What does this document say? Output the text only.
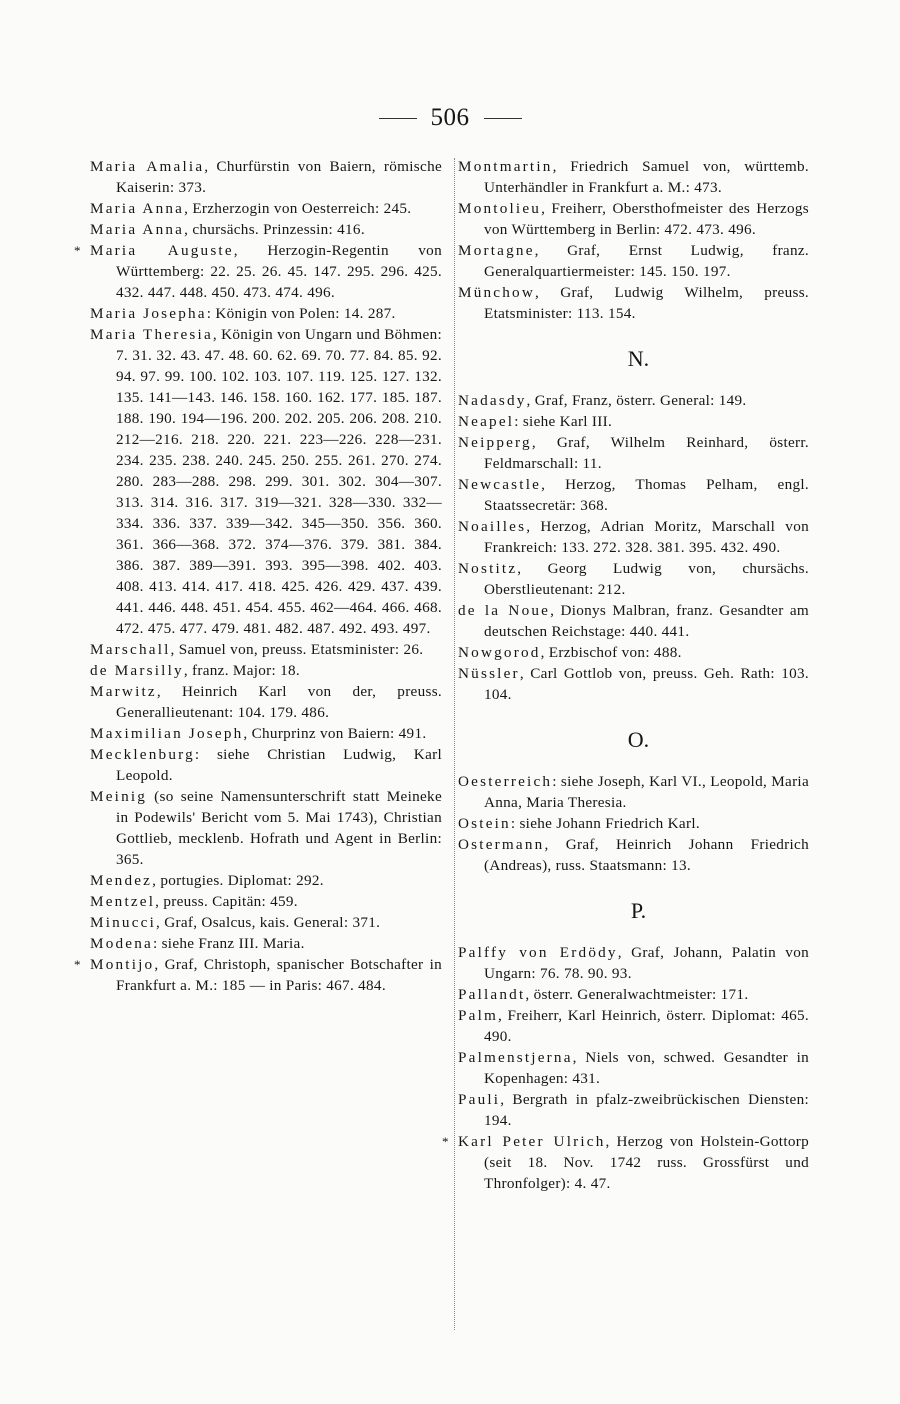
506

Maria Amalia, Churfürstin von Baiern, römische Kaiserin: 373.

Maria Anna, Erzherzogin von Oesterreich: 245.

Maria Anna, chursächs. Prinzessin: 416.

* Maria Auguste, Herzogin-Regentin von Württemberg: 22. 25. 26. 45. 147. 295. 296. 425. 432. 447. 448. 450. 473. 474. 496.

Maria Josepha: Königin von Polen: 14. 287.

Maria Theresia, Königin von Ungarn und Böhmen: 7. 31. 32. 43. 47. 48. 60. 62. 69. 70. 77. 84. 85. 92. 94. 97. 99. 100. 102. 103. 107. 119. 125. 127. 132. 135. 141—143. 146. 158. 160. 162. 177. 185. 187. 188. 190. 194—196. 200. 202. 205. 206. 208. 210. 212—216. 218. 220. 221. 223—226. 228—231. 234. 235. 238. 240. 245. 250. 255. 261. 270. 274. 280. 283—288. 298. 299. 301. 302. 304—307. 313. 314. 316. 317. 319—321. 328—330. 332—334. 336. 337. 339—342. 345—350. 356. 360. 361. 366—368. 372. 374—376. 379. 381. 384. 386. 387. 389—391. 393. 395—398. 402. 403. 408. 413. 414. 417. 418. 425. 426. 429. 437. 439. 441. 446. 448. 451. 454. 455. 462—464. 466. 468. 472. 475. 477. 479. 481. 482. 487. 492. 493. 497.

Marschall, Samuel von, preuss. Etatsminister: 26.

de Marsilly, franz. Major: 18.

Marwitz, Heinrich Karl von der, preuss. Generallieutenant: 104. 179. 486.

Maximilian Joseph, Churprinz von Baiern: 491.

Mecklenburg: siehe Christian Ludwig, Karl Leopold.

Meinig (so seine Namensunterschrift statt Meineke in Podewils' Bericht vom 5. Mai 1743), Christian Gottlieb, mecklenb. Hofrath und Agent in Berlin: 365.

Mendez, portugies. Diplomat: 292.

Mentzel, preuss. Capitän: 459.

Minucci, Graf, Osalcus, kais. General: 371.

Modena: siehe Franz III. Maria.

* Montijo, Graf, Christoph, spanischer Botschafter in Frankfurt a. M.: 185 — in Paris: 467. 484.

Montmartin, Friedrich Samuel von, württemb. Unterhändler in Frankfurt a. M.: 473.

Montolieu, Freiherr, Obersthofmeister des Herzogs von Württemberg in Berlin: 472. 473. 496.

Mortagne, Graf, Ernst Ludwig, franz. Generalquartiermeister: 145. 150. 197.

Münchow, Graf, Ludwig Wilhelm, preuss. Etatsminister: 113. 154.

N.

Nadasdy, Graf, Franz, österr. General: 149.

Neapel: siehe Karl III.

Neipperg, Graf, Wilhelm Reinhard, österr. Feldmarschall: 11.

Newcastle, Herzog, Thomas Pelham, engl. Staatssecretär: 368.

Noailles, Herzog, Adrian Moritz, Marschall von Frankreich: 133. 272. 328. 381. 395. 432. 490.

Nostitz, Georg Ludwig von, chursächs. Oberstlieutenant: 212.

de la Noue, Dionys Malbran, franz. Gesandter am deutschen Reichstage: 440. 441.

Nowgorod, Erzbischof von: 488.

Nüssler, Carl Gottlob von, preuss. Geh. Rath: 103. 104.

O.

Oesterreich: siehe Joseph, Karl VI., Leopold, Maria Anna, Maria Theresia.

Ostein: siehe Johann Friedrich Karl.

Ostermann, Graf, Heinrich Johann Friedrich (Andreas), russ. Staatsmann: 13.

P.

Palffy von Erdödy, Graf, Johann, Palatin von Ungarn: 76. 78. 90. 93.

Pallandt, österr. Generalwachtmeister: 171.

Palm, Freiherr, Karl Heinrich, österr. Diplomat: 465. 490.

Palmenstjerna, Niels von, schwed. Gesandter in Kopenhagen: 431.

Pauli, Bergrath in pfalz-zweibrückischen Diensten: 194.

* Karl Peter Ulrich, Herzog von Holstein-Gottorp (seit 18. Nov. 1742 russ. Grossfürst und Thronfolger): 4. 47.
